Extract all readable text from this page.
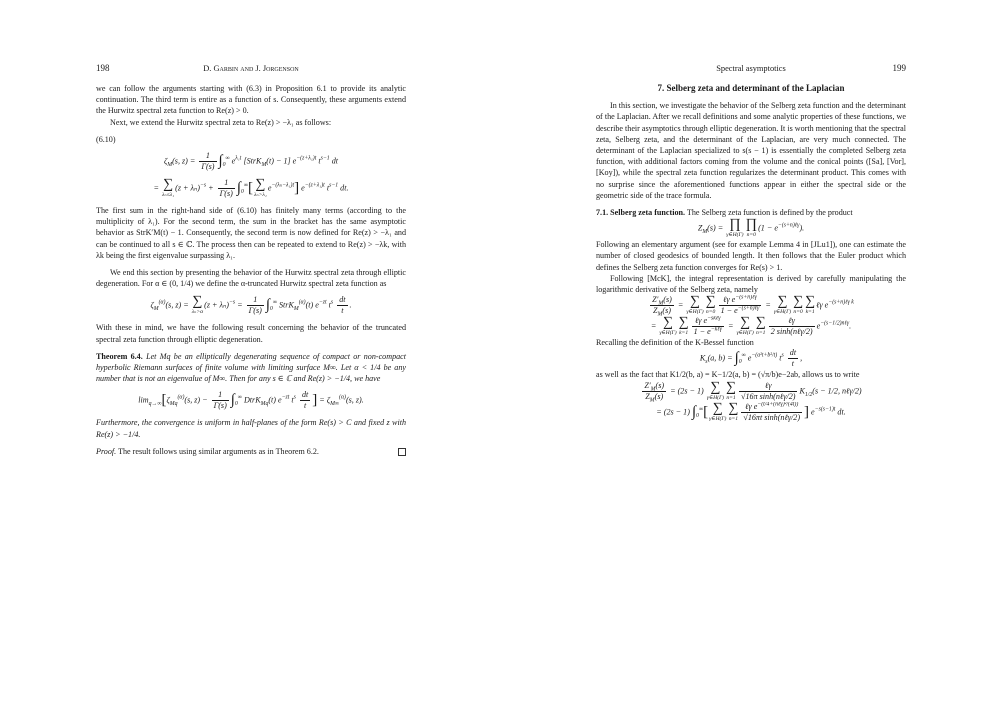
198	D. Garbin and J. Jorgenson

we can follow the arguments starting with (6.3) in Proposition 6.1 to provide its analytic continuation. The third term is entire as a function of s. Consequently, these arguments extend the Hurwitz spectral zeta function to Re(z) > 0.

Next, we extend the Hurwitz spectral zeta to Re(z) > −λ₁ as follows:

(6.10)
$\zeta_M(s$, $z) = \frac{1}{\Gamma(s)} \int_0^\infty$ $e^{\lambda_1t}$ [StrK$_M$(t) − 1] $e^{-(z+\lambda_1)t}$ $t^{s-1}$ dt
= ∑
λₙ≤λ₁
$(z + \lambda_n)^{-s} + \frac{1}{\Gamma(s)} \int_0^\infty$[ ∑
λₙ>λ₁
$e^{-(\lambda_n-\lambda_1)t}$] $e^{-(z+\lambda_1)t}$ $t^{s-1}$ dt.

The first sum in the right-hand side of (6.10) has finitely many terms (according to the multiplicity of λ₁). For the second term, the sum in the bracket has the same asymptotic behavior as StrK′M(t) − 1. Consequently, the second term is now defined for Re(z) > −λ₁ and can be continued to all s ∈ ℂ. The process then can be repeated to extend to Re(z) > −λk, with λk being the first eigenvalue surpassing λ₁.

We end this section by presenting the behavior of the Hurwitz spectral zeta through elliptic degeneration. For α ∈ (0, 1/4) we define the α-truncated Hurwitz spectral zeta function as

$\zeta_M^{(\alpha)}(s$, z) = ∑
λₙ>α
$(z + \lambda_n)^{-s} = \frac{1}{\Gamma(s)} \int_0^\infty$ StrK$_M^{(\alpha)}$(t) $e^{-zt}$ $t^s \frac{dt}{t}$ .

With these in mind, we have the following result concerning the behavior of the truncated spectral zeta function through elliptic degeneration.

Theorem 6.4. Let Mq be an elliptically degenerating sequence of compact or non-compact hyperbolic Riemann surfaces of finite volume with limiting surface M∞. Let α < 1/4 be any number that is not an eigenvalue of M∞. Then for any s ∈ ℂ and Re(z) > −1/4, we have

$\lim_{q\to\infty}[\zeta_{Mq}^{(\alpha)}(s$, $z) - \frac{1}{\Gamma(s)} \int_0^\infty$ DtrK$_{Mq}$(t) $e^{-zt}$ $t^s \frac{dt}{t}$ ] = $\zeta_{M\infty}^{(\alpha)}(s$, z).

Furthermore, the convergence is uniform in half-planes of the form Re(s) > C and fixed z with Re(z) > −1/4.

Proof. The result follows using similar arguments as in Theorem 6.2.

Spectral asymptotics	199
7. Selberg zeta and determinant of the Laplacian

In this section, we investigate the behavior of the Selberg zeta function and the determinant of the Laplacian. After we recall definitions and some analytic properties of these functions, we describe their asymptotics through elliptic degeneration. It is worth mentioning that the spectral zeta, Selberg zeta, and the determinant of the Laplacian, are very much connected. The determinant of the Laplacian specialized to s(s − 1) is essentially the completed Selberg zeta function, with additional factors coming from the volume and the conical points ([Sa], [Vor], [Koy]), while the spectral zeta function regularizes the determinant product. This comes with no surprise since the aforementioned functions appear in either the spectral side or the geometric side of the trace formula.

7.1. Selberg zeta function. The Selberg zeta function is defined by the product

$Z_M(s)$ = ∏
γ∈H(Γ)
∏
n=0
$(1 - e^{-(s+n)\ell\gamma})$.

Following an elementary argument (see for example Lemma 4 in [JLu1]), one can estimate the number of closed geodesics of bounded length. It then follows that the Euler product which defines the Selberg zeta function converges for Re(s) > 1.

Following [McK], the integral representation is derived by carefully manipulating the logarithmic derivative of the Selberg zeta, namely

$\frac{Z'_M(s)}{Z_M(s)}$ = ∑
γ∈H(Γ)
∑
$n=0 \frac{\ell\gamma e^{-(s+n)\ell\gamma}}{1 - e^{-(s+n)\ell\gamma}}$ = ∑
γ∈H(Γ)
∑
n=0
∑
k=1
ℓγ $e^{-(s+n)\ell\gamma k}$
= ∑
γ∈H(Γ)
∑
$k=1 \frac{\ell\gamma e^{-sk\ell\gamma}}{1 - e^{-k\ell\gamma}}$ = ∑
γ∈H(Γ)
∑
$n=1 \frac{\text{ℓγ}}{\text{2 sinh(nℓγ/2)}} e^{-(s-1/2)n\ell\gamma}$.

Recalling the definition of the K-Bessel function

$K_s(a$, $b) = \int_0^\infty$ $e^{-(a^2t+b^2/t)}$ $t^s \frac{dt}{t}$ ,

as well as the fact that K1/2(b, a) = K−1/2(a, b) = (√π/b)e−2ab, allows us to write

$\frac{Z'_M(s)}{Z_M(s)} = (2s - 1)$ ∑
γ∈H(Γ)
∑
$n=1 \frac{\text{ℓγ}}{\text{√16π sinh(nℓγ/2)}} K_{1/2}(s - 1/2$, nℓγ/2)
= (2s − 1) $\int_0^\infty$[ ∑
γ∈H(Γ)
∑
$n=1 \frac{\ell\gamma e^{-(t/4+(n\ell\gamma)^2/(4t))}}{\text{√16πt sinh(nℓγ/2)}}$ ] $e^{-s(s-1)t}$ dt.
